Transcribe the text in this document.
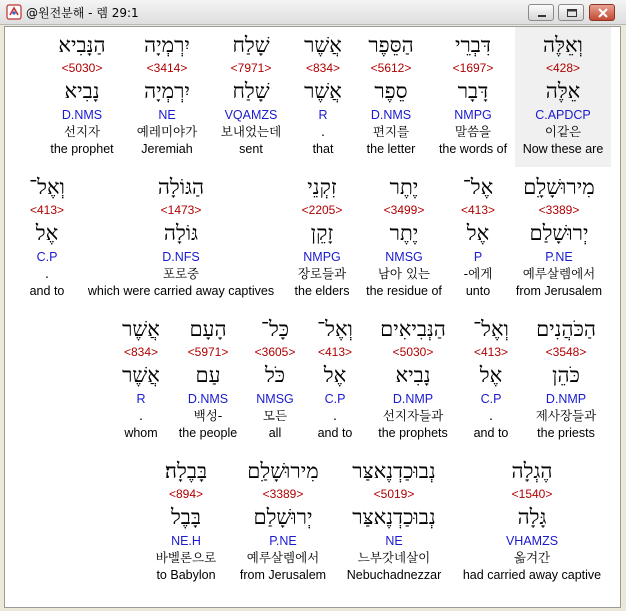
@원전분해 - 렘 29:1
וְאֵלֶּה
<428>
אֵלֶּה
C.APDCP
이같은
Now these are
דִּבְרֵי
<1697>
דָּבָר
NMPG
말씀을
the words of
הַסֵּפֶר
<5612>
סֵפֶר
D.NMS
편지를
the letter
אֲשֶׁר
<834>
אֲשֶׁר
R
.
that
שָׁלַח
<7971>
שָׁלַח
VQAMZS
보내었는데
sent
יִרְמְיָה
<3414>
יִרְמְיָה
NE
예레미야가
Jeremiah
הַנָּבִיא
<5030>
נָבִיא
D.NMS
선지자
the prophet
מִירוּשָׁלִָם
<3389>
יְרוּשָׁלַם
P.NE
예루살렘에서
from Jerusalem
אֶל־
<413>
אֶל
P
-에게
unto
יֶתֶר
<3499>
יֶתֶר
NMSG
남아 있는
the residue of
זִקְנֵי
<2205>
זָקֵן
NMPG
장로들과
the elders
הַגּוֹלָה
<1473>
גּוֹלָה
D.NFS
포로중
which were carried away captives
וְאֶל־
<413>
אֶל
C.P
.
and to
הַכֹּהֲנִים
<3548>
כֹּהֵן
D.NMP
제사장들과
the priests
וְאֶל־
<413>
אֶל
C.P
.
and to
הַנְּבִיאִים
<5030>
נָבִיא
D.NMP
선지자들과
the prophets
וְאֶל־
<413>
אֶל
C.P
.
and to
כָּל־
<3605>
כֹּל
NMSG
모든
all
הָעָם
<5971>
עַם
D.NMS
백성-
the people
אֲשֶׁר
<834>
אֲשֶׁר
R
.
whom
הֶגְלָה
<1540>
גָּלָה
VHAMZS
옮겨간
had carried away captive
נְבוּכַדְנֶאצַּר
<5019>
נְבוּכַדְנֶאצַּר
NE
느부갓네살이
Nebuchadnezzar
מִירוּשָׁלִַם
<3389>
יְרוּשָׁלַם
P.NE
예루살렘에서
from Jerusalem
בָּבֶלָה׃
<894>
בָּבֶל
NE.H
바벨론으로
to Babylon
